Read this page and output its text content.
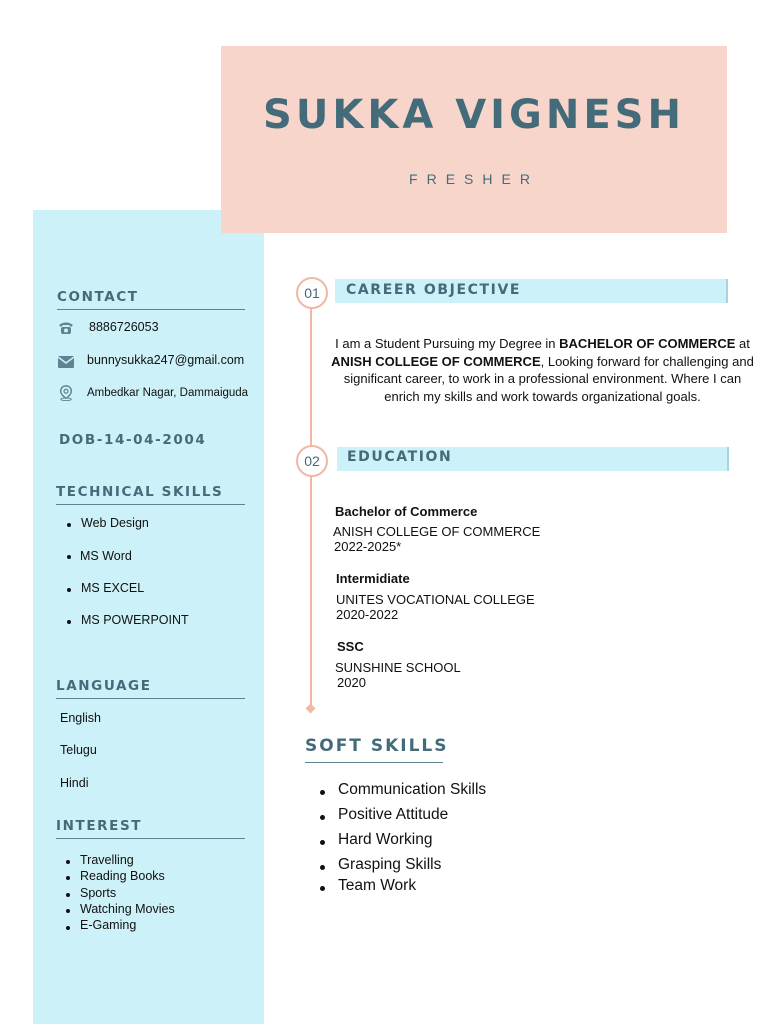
SUKKA VIGNESH
FRESHER
CONTACT
8886726053
bunnysukka247@gmail.com
Ambedkar Nagar, Dammaiguda
DOB-14-04-2004
TECHNICAL SKILLS
Web Design
MS Word
MS EXCEL
MS POWERPOINT
LANGUAGE
English
Telugu
Hindi
INTEREST
Travelling
Reading Books
Sports
Watching Movies
E-Gaming
01	CAREER OBJECTIVE
I am a Student Pursuing my Degree in BACHELOR OF COMMERCE at ANISH COLLEGE OF COMMERCE, Looking forward for challenging and significant career, to work in a professional environment. Where I can enrich my skills and work towards organizational goals.
02	EDUCATION
Bachelor of Commerce
ANISH COLLEGE OF COMMERCE
2022-2025*
Intermidiate
UNITES VOCATIONAL COLLEGE
2020-2022
SSC
SUNSHINE SCHOOL
2020
SOFT SKILLS
Communication Skills
Positive Attitude
Hard Working
Grasping Skills
Team Work
